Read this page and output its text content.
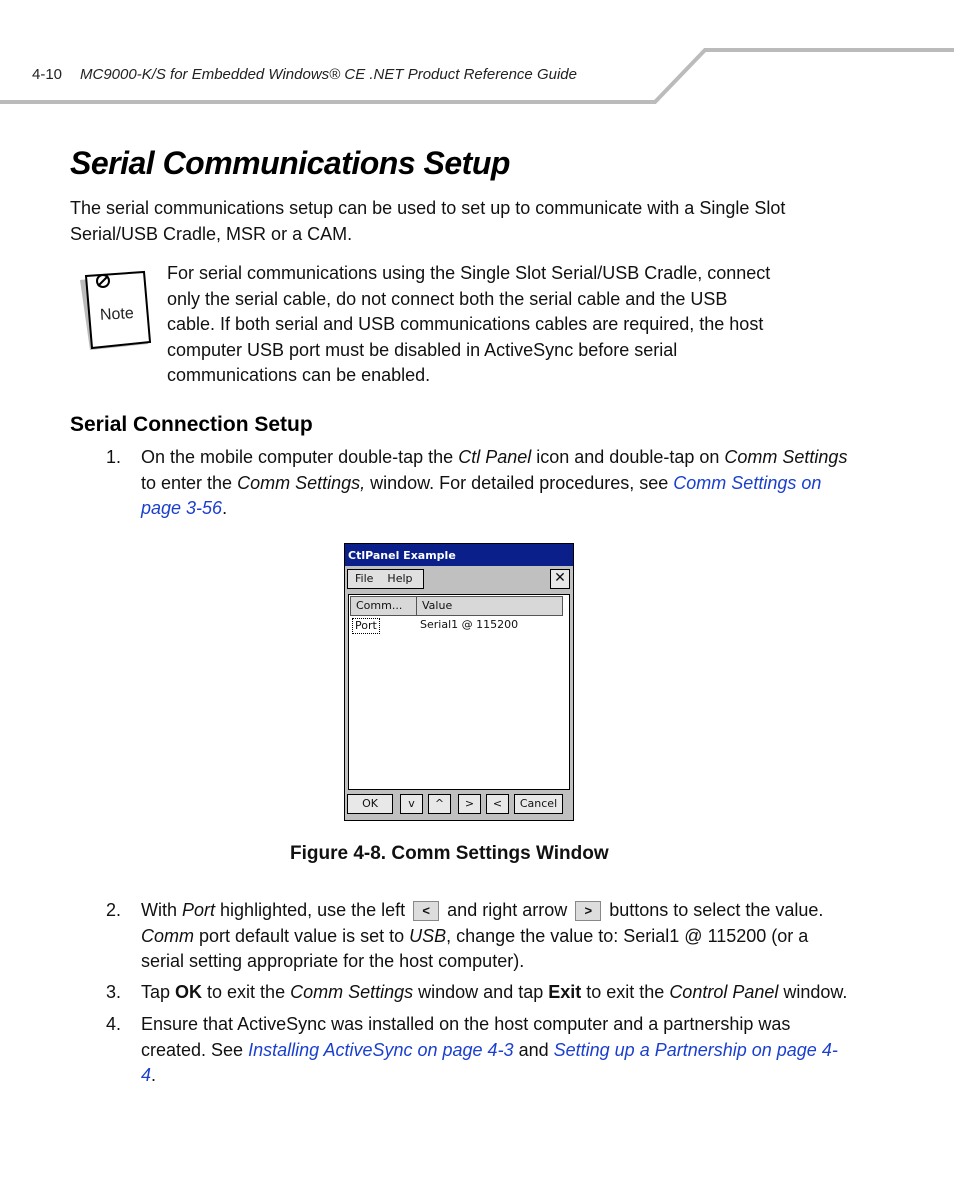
4-10 MC9000-K/S for Embedded Windows® CE .NET Product Reference Guide
Serial Communications Setup

The serial communications setup can be used to set up to communicate with a Single Slot Serial/USB Cradle, MSR or a CAM.

Note

For serial communications using the Single Slot Serial/USB Cradle, connect only the serial cable, do not connect both the serial cable and the USB cable. If both serial and USB communications cables are required, the host computer USB port must be disabled in ActiveSync before serial communications can be enabled.

Serial Connection Setup
1. On the mobile computer double-tap the Ctl Panel icon and double-tap on Comm Settings to enter the Comm Settings, window. For detailed procedures, see Comm Settings on page 3-56.
CtlPanel Example
File Help	✕
Comm...	Value
Port	Serial1 @ 115200
OK	v	^	>	<	Cancel
Figure 4-8. Comm Settings Window
2. With Port highlighted, use the left < and right arrow > buttons to select the value. Comm port default value is set to USB, change the value to: Serial1 @ 115200 (or a serial setting appropriate for the host computer).
3. Tap OK to exit the Comm Settings window and tap Exit to exit the Control Panel window.
4. Ensure that ActiveSync was installed on the host computer and a partnership was created. See Installing ActiveSync on page 4-3 and Setting up a Partnership on page 4-4.
